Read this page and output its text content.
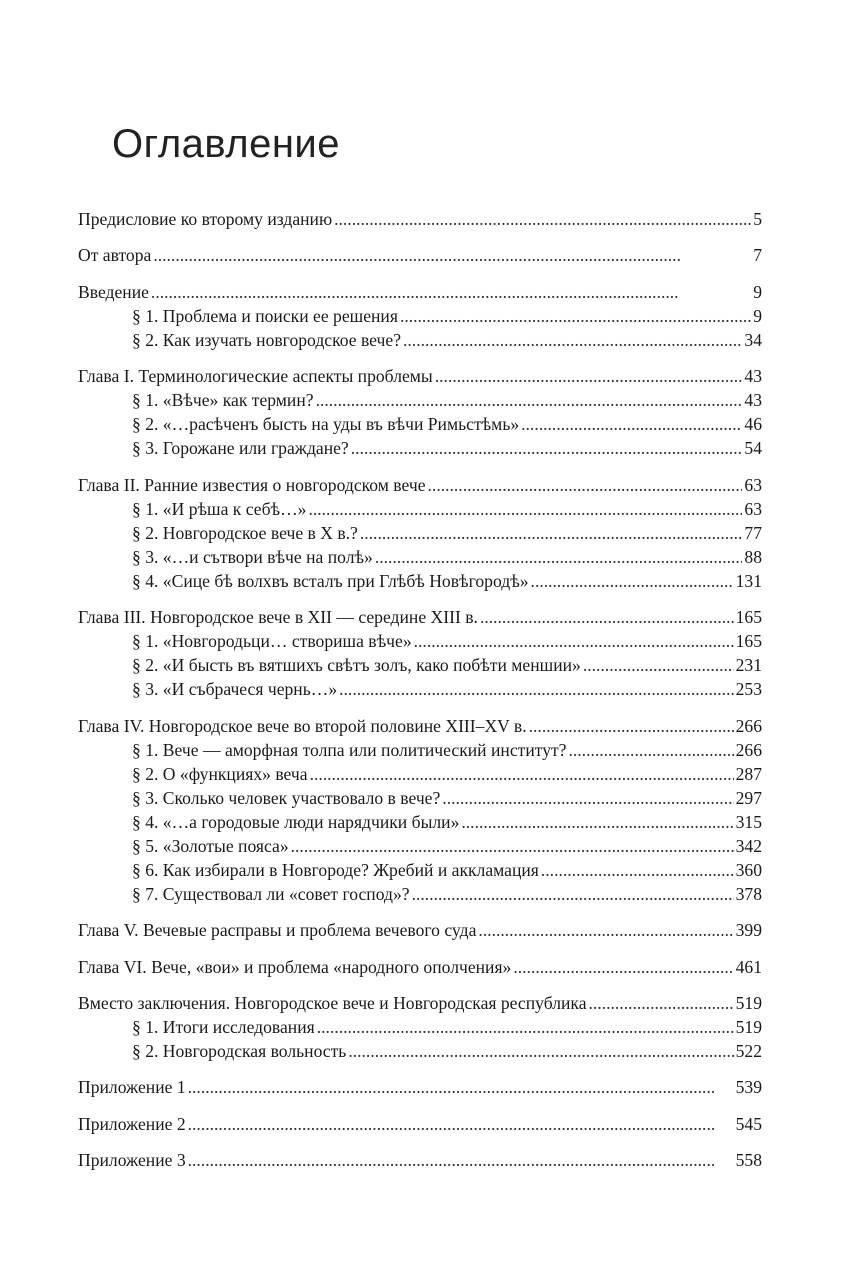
Оглавление
Предисловие ко второму изданию . . .	5
От автора . . .	7
Введение . . .	9
§ 1. Проблема и поиски ее решения . . .	9
§ 2. Как изучать новгородское вече? . . .	34
Глава I. Терминологические аспекты проблемы . . .	43
§ 1. «Вѣче» как термин? . . .	43
§ 2. «…расѣченъ бысть на уды въ вѣчи Римьстѣмь» . . .	46
§ 3. Горожане или граждане? . . .	54
Глава II. Ранние известия о новгородском вече . . .	63
§ 1. «И рѣша к себѣ…» . . .	63
§ 2. Новгородское вече в X в.? . . .	77
§ 3. «…и сътвори вѣче на полѣ» . . .	88
§ 4. «Сице бѣ волхвъ всталъ при Глѣбѣ Новѣгородѣ» . . .	131
Глава III. Новгородское вече в XII — середине XIII в. . . .	165
§ 1. «Новгородьци… створиша вѣче» . . .	165
§ 2. «И бысть въ вятшихъ свѣтъ золъ, како побѣти меншии» . . .	231
§ 3. «И събрачеся чернь…» . . .	253
Глава IV. Новгородское вече во второй половине XIII–XV в. . . .	266
§ 1. Вече — аморфная толпа или политический институт? . . .	266
§ 2. О «функциях» веча . . .	287
§ 3. Сколько человек участвовало в вече? . . .	297
§ 4. «…а городовые люди нарядчики были» . . .	315
§ 5. «Золотые пояса» . . .	342
§ 6. Как избирали в Новгороде? Жребий и аккламация . . .	360
§ 7. Существовал ли «совет господ»? . . .	378
Глава V. Вечевые расправы и проблема вечевого суда . . .	399
Глава VI. Вече, «вои» и проблема «народного ополчения» . . .	461
Вместо заключения. Новгородское вече и Новгородская республика . . .	519
§ 1. Итоги исследования . . .	519
§ 2. Новгородская вольность . . .	522
Приложение 1 . . .	539
Приложение 2 . . .	545
Приложение 3 . . .	558
